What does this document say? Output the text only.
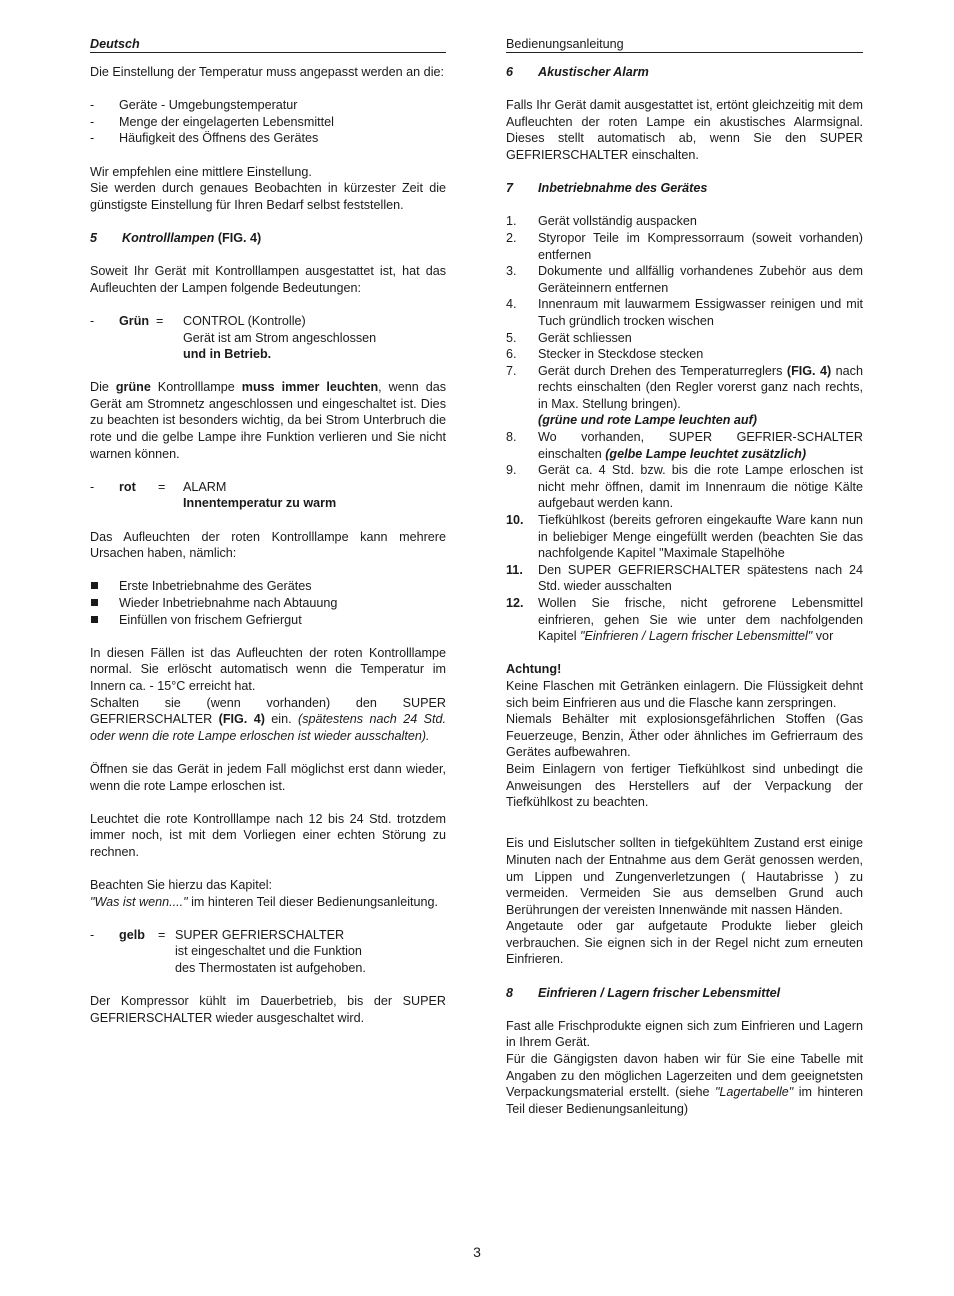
Deutsch

Die Einstellung der Temperatur muss angepasst werden an die:

- Geräte - Umgebungstemperatur
- Menge der eingelagerten Lebensmittel
- Häufigkeit des Öffnens des Gerätes

Wir empfehlen eine mittlere Einstellung.

Sie werden durch genaues Beobachten in kürzester Zeit die günstigste Einstellung für Ihren Bedarf selbst feststellen.

5 Kontrolllampen (FIG. 4)

Soweit Ihr Gerät mit Kontrolllampen ausgestattet ist, hat das Aufleuchten der Lampen folgende Bedeutungen:

- Grün = CONTROL (Kontrolle)
Gerät ist am Strom angeschlossen
und in Betrieb.

Die grüne Kontrolllampe muss immer leuchten, wenn das Gerät am Stromnetz angeschlossen und eingeschaltet ist. Dies zu beachten ist besonders wichtig, da bei Strom Unterbruch die rote und die gelbe Lampe ihre Funktion verlieren und Sie nicht warnen können.

- rot = ALARM
Innentemperatur zu warm

Das Aufleuchten der roten Kontrolllampe kann mehrere Ursachen haben, nämlich:

Erste Inbetriebnahme des Gerätes
Wieder Inbetriebnahme nach Abtauung
Einfüllen von frischem Gefriergut

In diesen Fällen ist das Aufleuchten der roten Kontrolllampe normal. Sie erlöscht automatisch wenn die Temperatur im Innern ca. - 15°C erreicht hat.

Schalten sie (wenn vorhanden) den SUPER GEFRIERSCHALTER (FIG. 4) ein. (spätestens nach 24 Std. oder wenn die rote Lampe erloschen ist wieder ausschalten).

Öffnen sie das Gerät in jedem Fall möglichst erst dann wieder, wenn die rote Lampe erloschen ist.

Leuchtet die rote Kontrolllampe nach 12 bis 24 Std. trotzdem immer noch, ist mit dem Vorliegen einer echten Störung zu rechnen.

Beachten Sie hierzu das Kapitel:
"Was ist wenn...." im hinteren Teil dieser Bedienungsanleitung.

- gelb = SUPER GEFRIERSCHALTER
ist eingeschaltet und die Funktion
des Thermostaten ist aufgehoben.

Der Kompressor kühlt im Dauerbetrieb, bis der SUPER GEFRIERSCHALTER wieder ausgeschaltet wird.

Bedienungsanleitung
6 Akustischer Alarm

Falls Ihr Gerät damit ausgestattet ist, ertönt gleichzeitig mit dem Aufleuchten der roten Lampe ein akustisches Alarmsignal. Dieses stellt automatisch ab, wenn Sie den SUPER GEFRIERSCHALTER einschalten.

7 Inbetriebnahme des Gerätes
1. Gerät vollständig auspacken
2. Styropor Teile im Kompressorraum (soweit vorhanden) entfernen
3. Dokumente und allfällig vorhandenes Zubehör aus dem Geräteinnern entfernen
4. Innenraum mit lauwarmem Essigwasser reinigen und mit Tuch gründlich trocken wischen
5. Gerät schliessen
6. Stecker in Steckdose stecken
7. Gerät durch Drehen des Temperaturreglers (FIG. 4) nach rechts einschalten (den Regler vorerst ganz nach rechts, in Max. Stellung bringen).
(grüne und rote Lampe leuchten auf)
8. Wo vorhanden, SUPER GEFRIER-SCHALTER einschalten (gelbe Lampe leuchtet zusätzlich)
9. Gerät ca. 4 Std. bzw. bis die rote Lampe erloschen ist nicht mehr öffnen, damit im Innenraum die nötige Kälte aufgebaut werden kann.
10. Tiefkühlkost (bereits gefroren eingekaufte Ware kann nun in beliebiger Menge eingefüllt werden (beachten Sie das nachfolgende Kapitel "Maximale Stapelhöhe
11. Den SUPER GEFRIERSCHALTER spätestens nach 24 Std. wieder ausschalten
12. Wollen Sie frische, nicht gefrorene Lebensmittel einfrieren, gehen Sie wie unter dem nachfolgenden Kapitel "Einfrieren / Lagern frischer Lebensmittel" vor
Achtung!

Keine Flaschen mit Getränken einlagern. Die Flüssigkeit dehnt sich beim Einfrieren aus und die Flasche kann zerspringen.

Niemals Behälter mit explosionsgefährlichen Stoffen (Gas Feuerzeuge, Benzin, Äther oder ähnliches im Gefrierraum des Gerätes aufbewahren.

Beim Einlagern von fertiger Tiefkühlkost sind unbedingt die Anweisungen des Herstellers auf der Verpackung der Tiefkühlkost zu beachten.

Eis und Eislutscher sollten in tiefgekühltem Zustand erst einige Minuten nach der Entnahme aus dem Gerät genossen werden, um Lippen und Zungenverletzungen ( Hautabrisse ) zu vermeiden. Vermeiden Sie aus demselben Grund auch Berührungen der vereisten Innenwände mit nassen Händen.

Angetaute oder gar aufgetaute Produkte lieber gleich verbrauchen. Sie eignen sich in der Regel nicht zum erneuten Einfrieren.

8 Einfrieren / Lagern frischer Lebensmittel

Fast alle Frischprodukte eignen sich zum Einfrieren und Lagern in Ihrem Gerät.

Für die Gängigsten davon haben wir für Sie eine Tabelle mit Angaben zu den möglichen Lagerzeiten und dem geeignetsten Verpackungsmaterial erstellt. (siehe "Lagertabelle" im hinteren Teil dieser Bedienungsanleitung)

3
